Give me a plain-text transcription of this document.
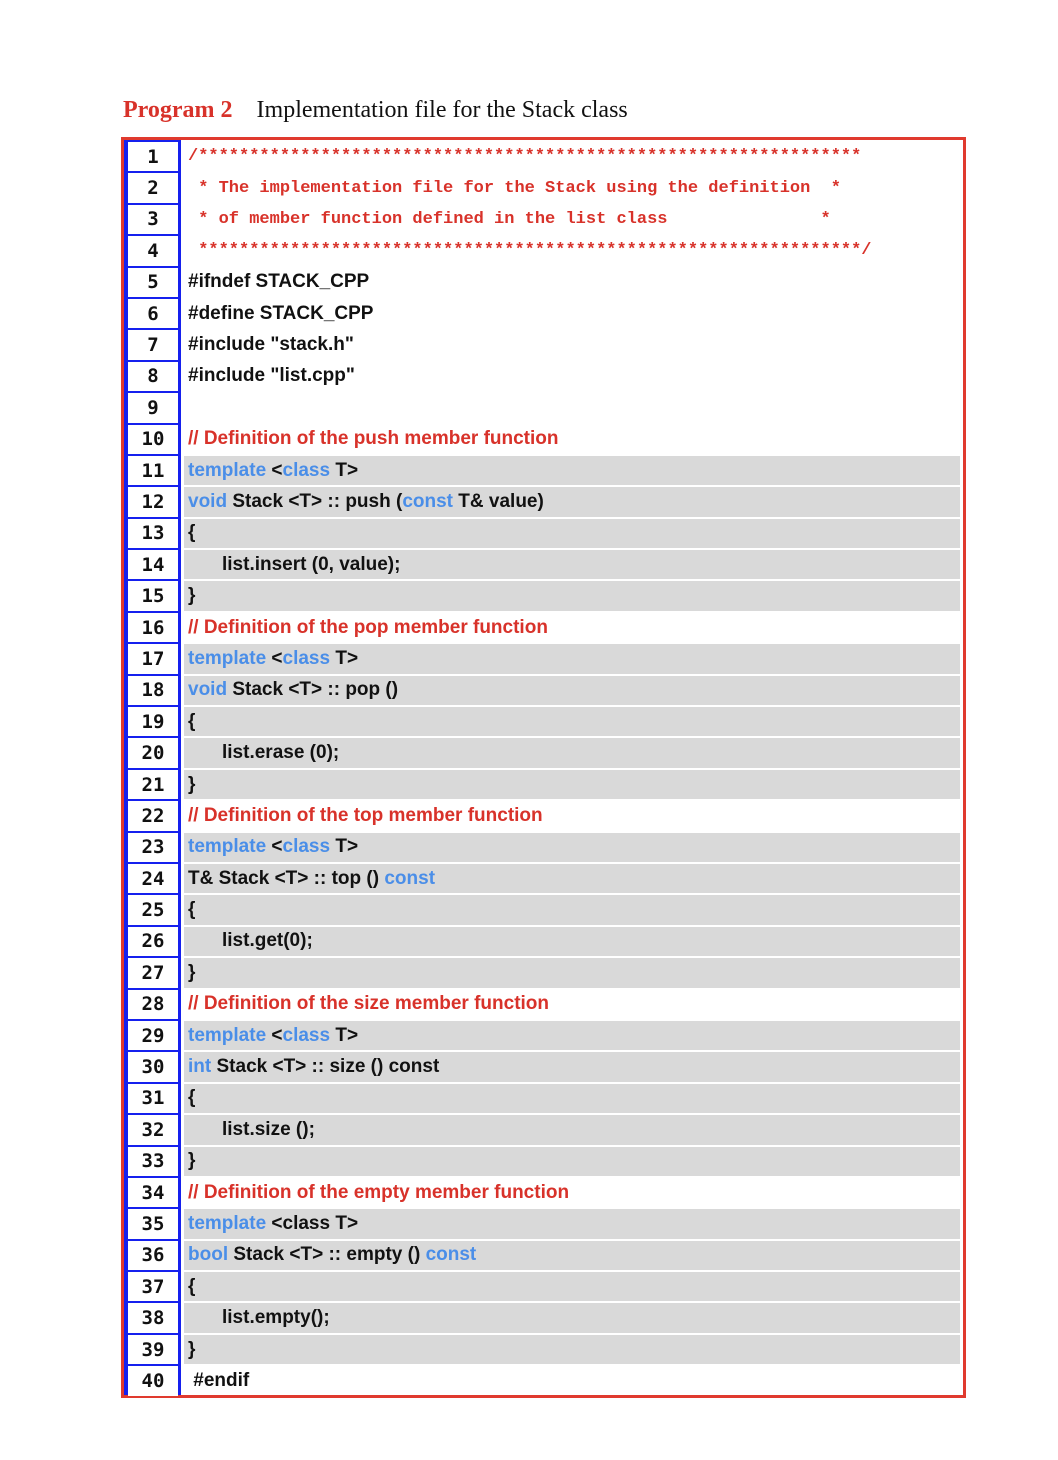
Program 2 Implementation file for the Stack class
1	/*****************************************************************
2	* The implementation file for the Stack using the definition  *
3	* of member function defined in the list class               *
4	*****************************************************************/
5	#ifndef STACK_CPP
6	#define STACK_CPP
7	#include "stack.h"
8	#include "list.cpp"
9
10	// Definition of the push member function
11	template < class T>
12	void Stack <T> :: push ( const T& value)
13	{
14	list.insert (0, value);
15	}
16	// Definition of the pop member function
17	template < class T>
18	void Stack <T> :: pop ()
19	{
20	list.erase (0);
21	}
22	// Definition of the top member function
23	template < class T>
24	T& Stack <T> :: top () const
25	{
26	list.get(0);
27	}
28	// Definition of the size member function
29	template < class T>
30	int Stack <T> :: size () const
31	{
32	list.size ();
33	}
34	// Definition of the empty member function
35	template <class T>
36	bool Stack <T> :: empty () const
37	{
38	list.empty();
39	}
40	#endif
